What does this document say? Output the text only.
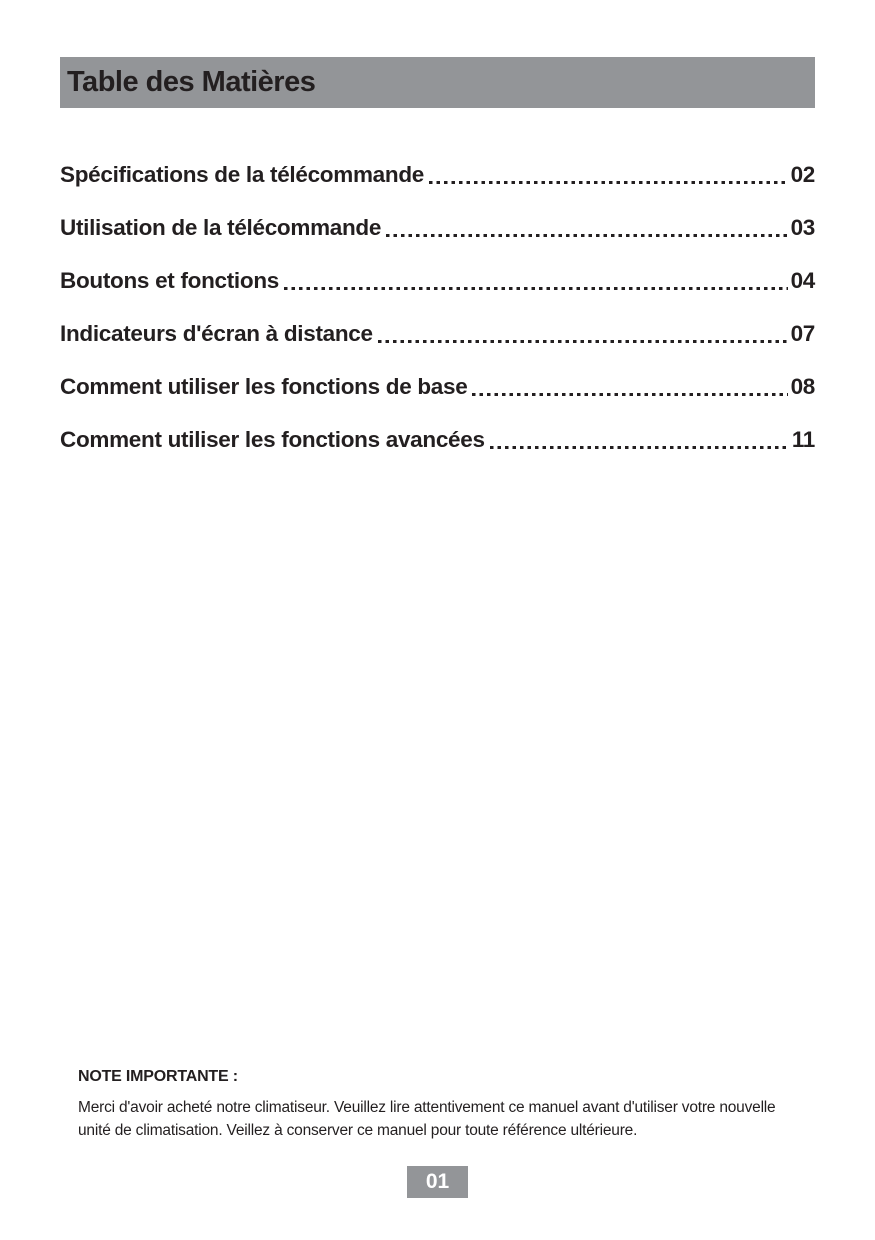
Table des Matières
Spécifications de la télécommande	02
Utilisation de la télécommande	03
Boutons et fonctions	04
Indicateurs d'écran à distance	07
Comment utiliser les fonctions de base	08
Comment utiliser les fonctions avancées	11
NOTE IMPORTANTE :

Merci d'avoir acheté notre climatiseur. Veuillez lire attentivement ce manuel avant d'utiliser votre nouvelle unité de climatisation. Veillez à conserver ce manuel pour toute référence ultérieure.

01
